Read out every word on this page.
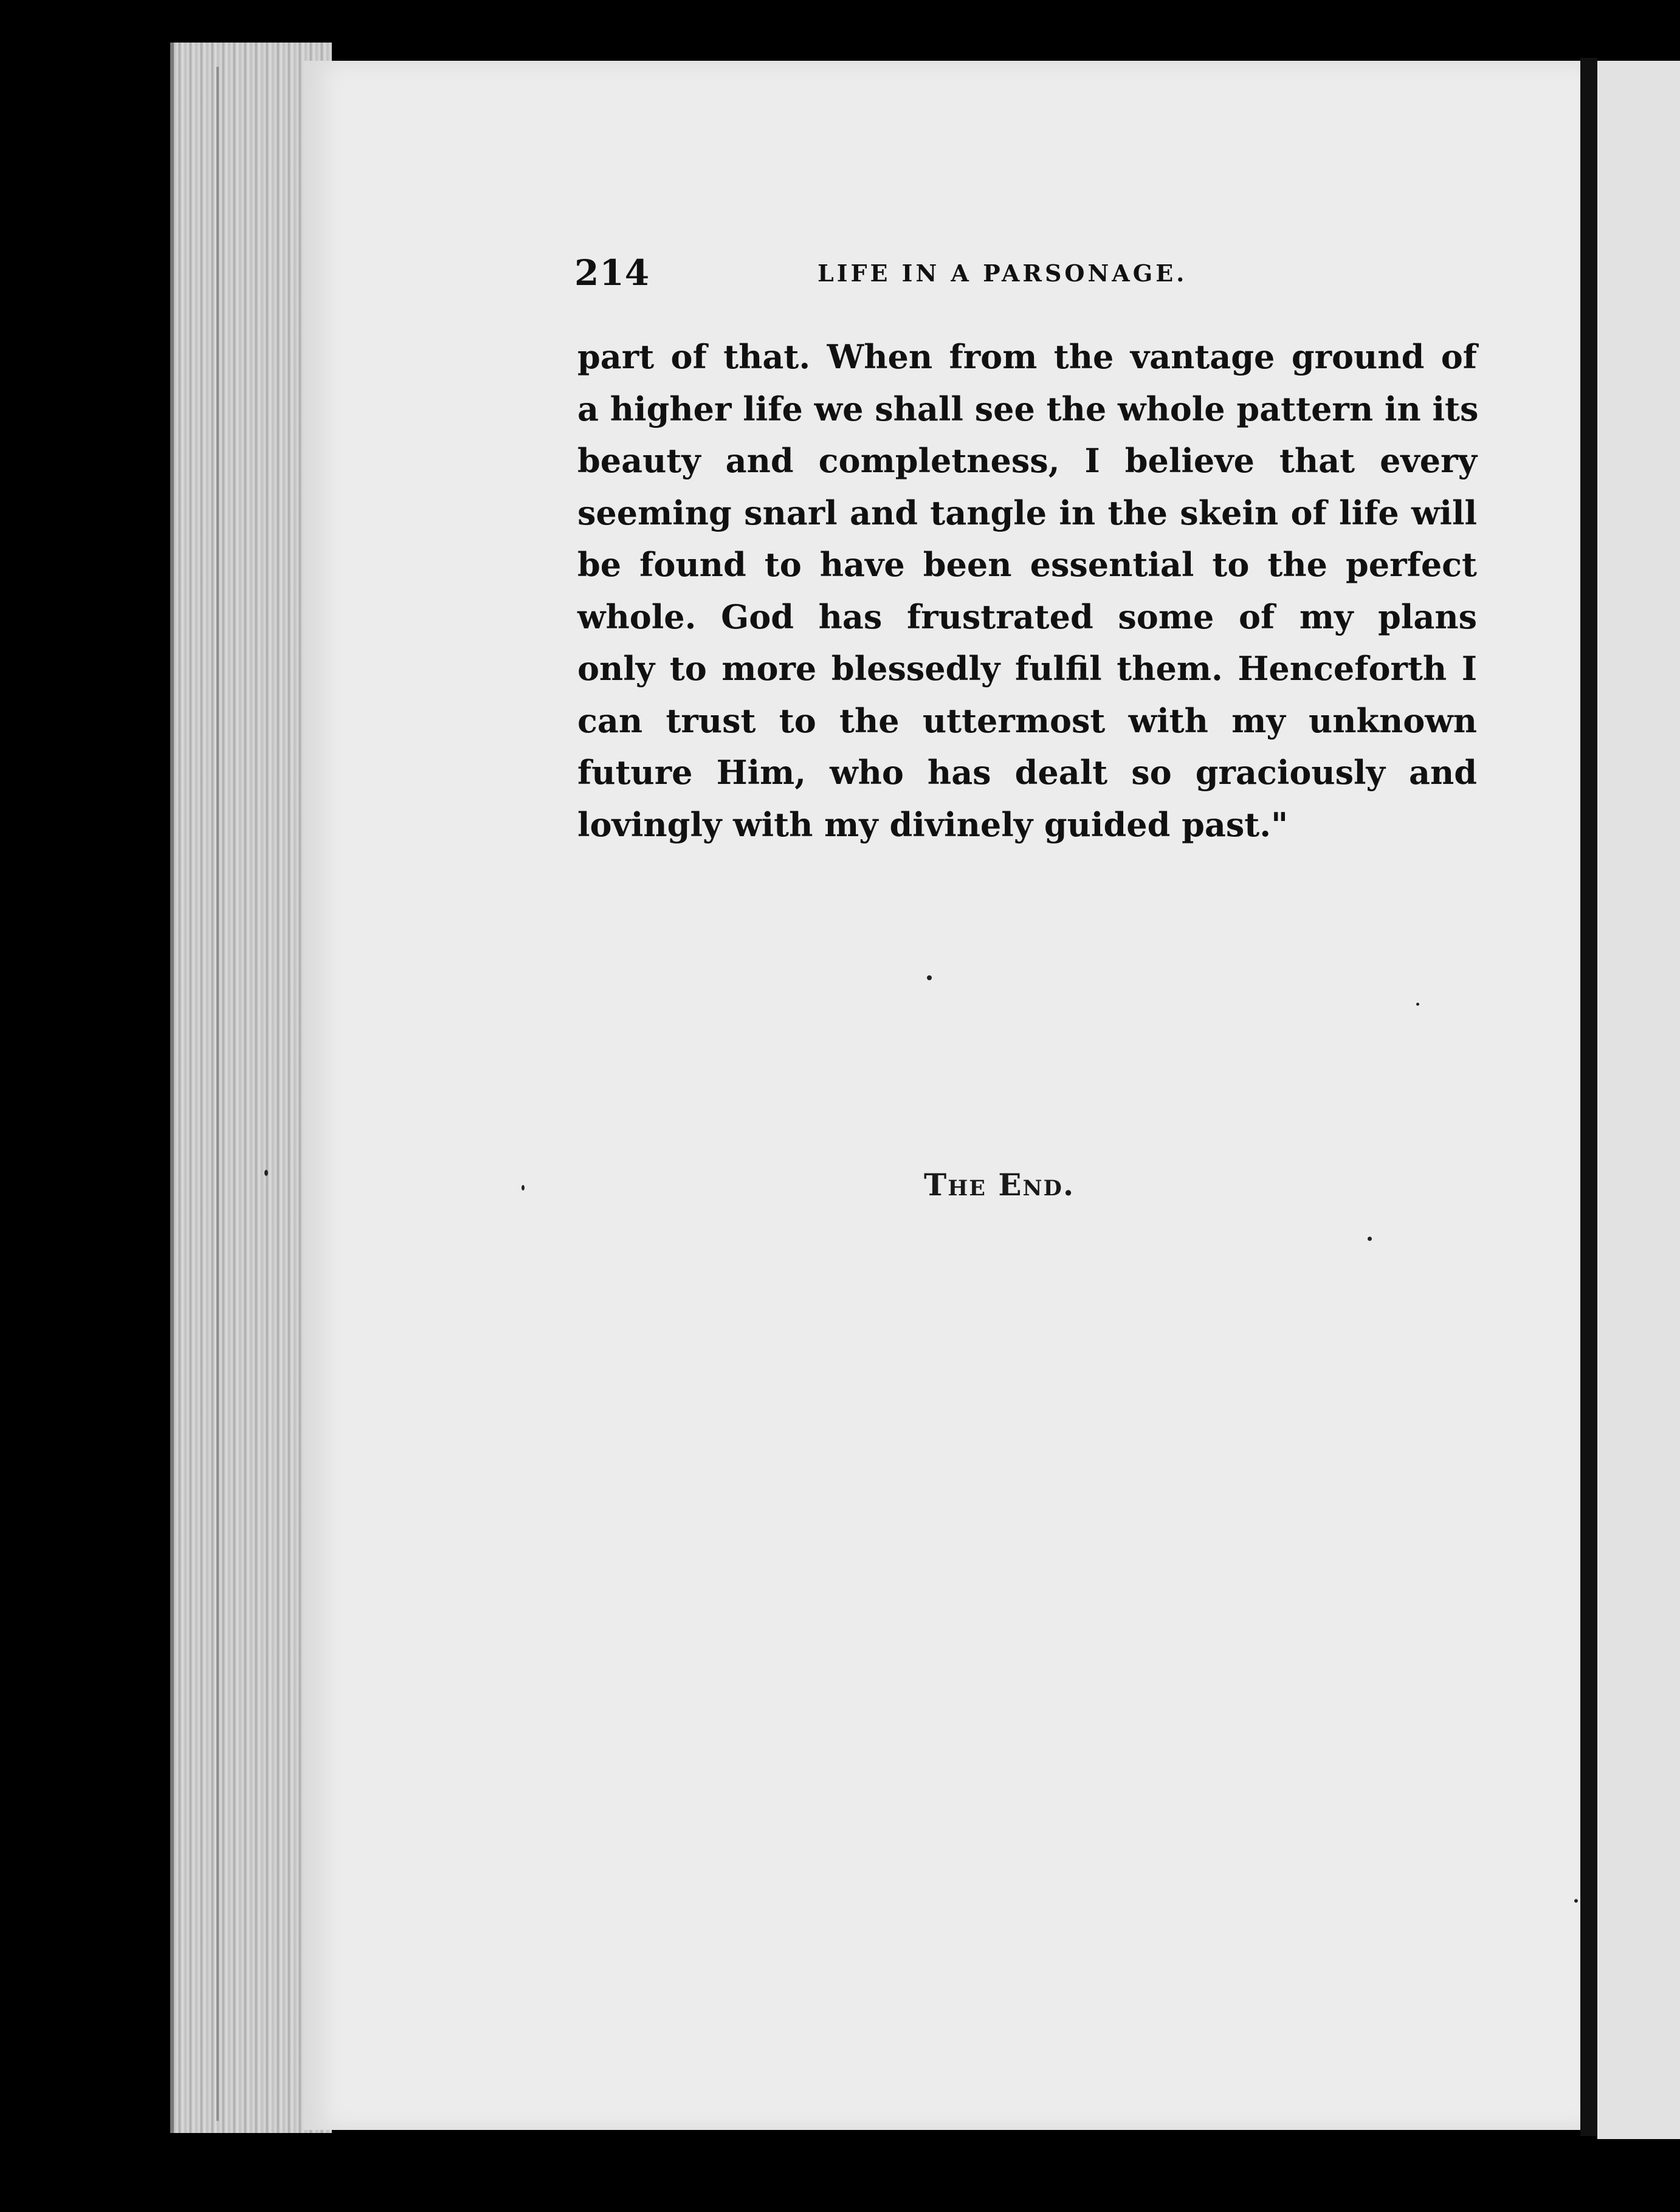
214	LIFE IN A PARSONAGE.
part of that. When from the vantage ground of
a higher life we shall see the whole pattern in its
beauty and completness, I believe that every
seeming snarl and tangle in the skein of life will
be found to have been essential to the perfect
whole. God has frustrated some of my plans
only to more blessedly fulfil them. Henceforth I
can trust to the uttermost with my unknown
future Him, who has dealt so graciously and
lovingly with my divinely guided past."
The End.
